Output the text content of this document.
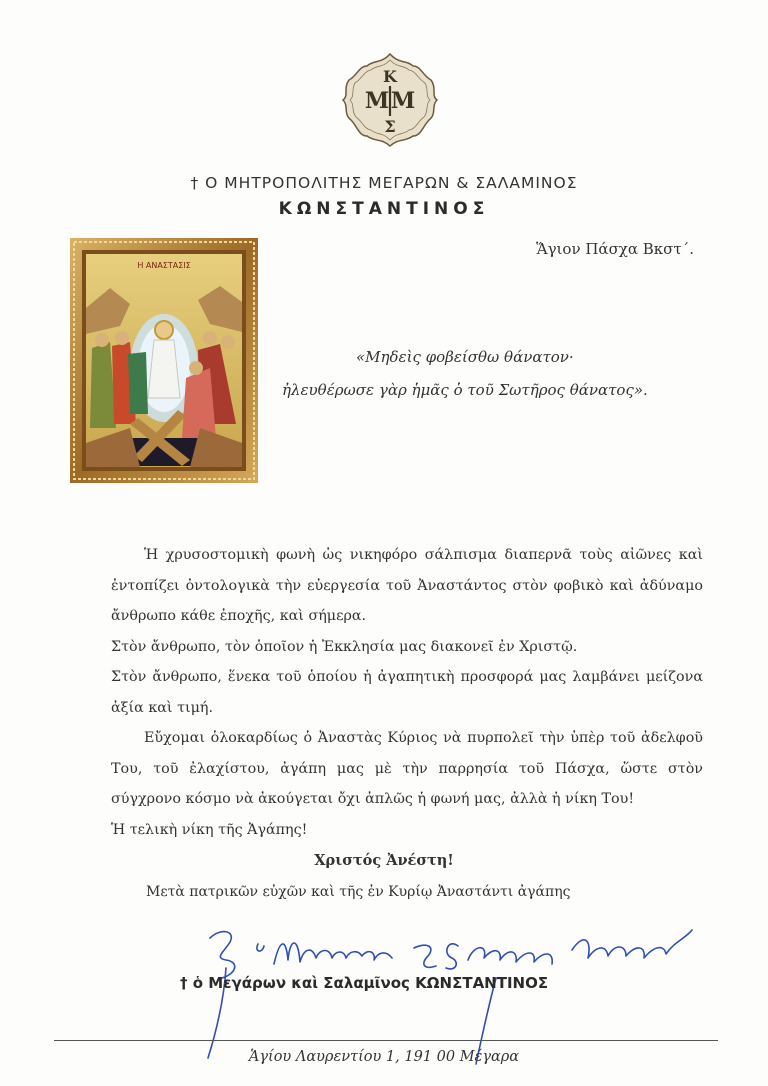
Κ
Μ Μ
Σ
† Ο ΜΗΤΡΟΠΟΛΙΤΗΣ ΜΕΓΑΡΩΝ & ΣΑΛΑΜΙΝΟΣ
ΚΩΝΣΤΑΝΤΙΝΟΣ
Ἅγιον Πάσχα Βκστ΄.
Η ΑΝΑΣΤΑΣΙΣ
«Μηδεὶς φοβείσθω θάνατον·
ἠλευθέρωσε γὰρ ἡμᾶς ὁ τοῦ Σωτῆρος θάνατος».

Ἡ χρυσοστομικὴ φωνὴ ὡς νικηφόρο σάλπισμα διαπερνᾶ τοὺς αἰῶνες καὶ ἐντοπίζει ὀντολογικὰ τὴν εὐεργεσία τοῦ Ἀναστάντος στὸν φοβικὸ καὶ ἀδύναμο ἄνθρωπο κάθε ἐποχῆς, καὶ σήμερα.

Στὸν ἄνθρωπο, τὸν ὁποῖον ἡ Ἐκκλησία μας διακονεῖ ἐν Χριστῷ.

Στὸν ἄνθρωπο, ἕνεκα τοῦ ὁποίου ἡ ἀγαπητικὴ προσφορά μας λαμβάνει μείζονα ἀξία καὶ τιμή.

Εὔχομαι ὁλοκαρδίως ὁ Ἀναστὰς Κύριος νὰ πυρπολεῖ τὴν ὑπὲρ τοῦ ἀδελφοῦ Του, τοῦ ἐλαχίστου, ἀγάπη μας μὲ τὴν παρρησία τοῦ Πάσχα, ὥστε στὸν σύγχρονο κόσμο νὰ ἀκούγεται ὄχι ἁπλῶς ἡ φωνή μας, ἀλλὰ ἡ νίκη Του!

Ἡ τελικὴ νίκη τῆς Ἀγάπης!

Χριστός Ἀνέστη!
Μετὰ πατρικῶν εὐχῶν καὶ τῆς ἐν Κυρίῳ Ἀναστάντι ἀγάπης
† ὁ Μεγάρων καὶ Σαλαμῖνος ΚΩΝΣΤΑΝΤΙΝΟΣ
Ἁγίου Λαυρεντίου 1, 191 00 Μέγαρα
